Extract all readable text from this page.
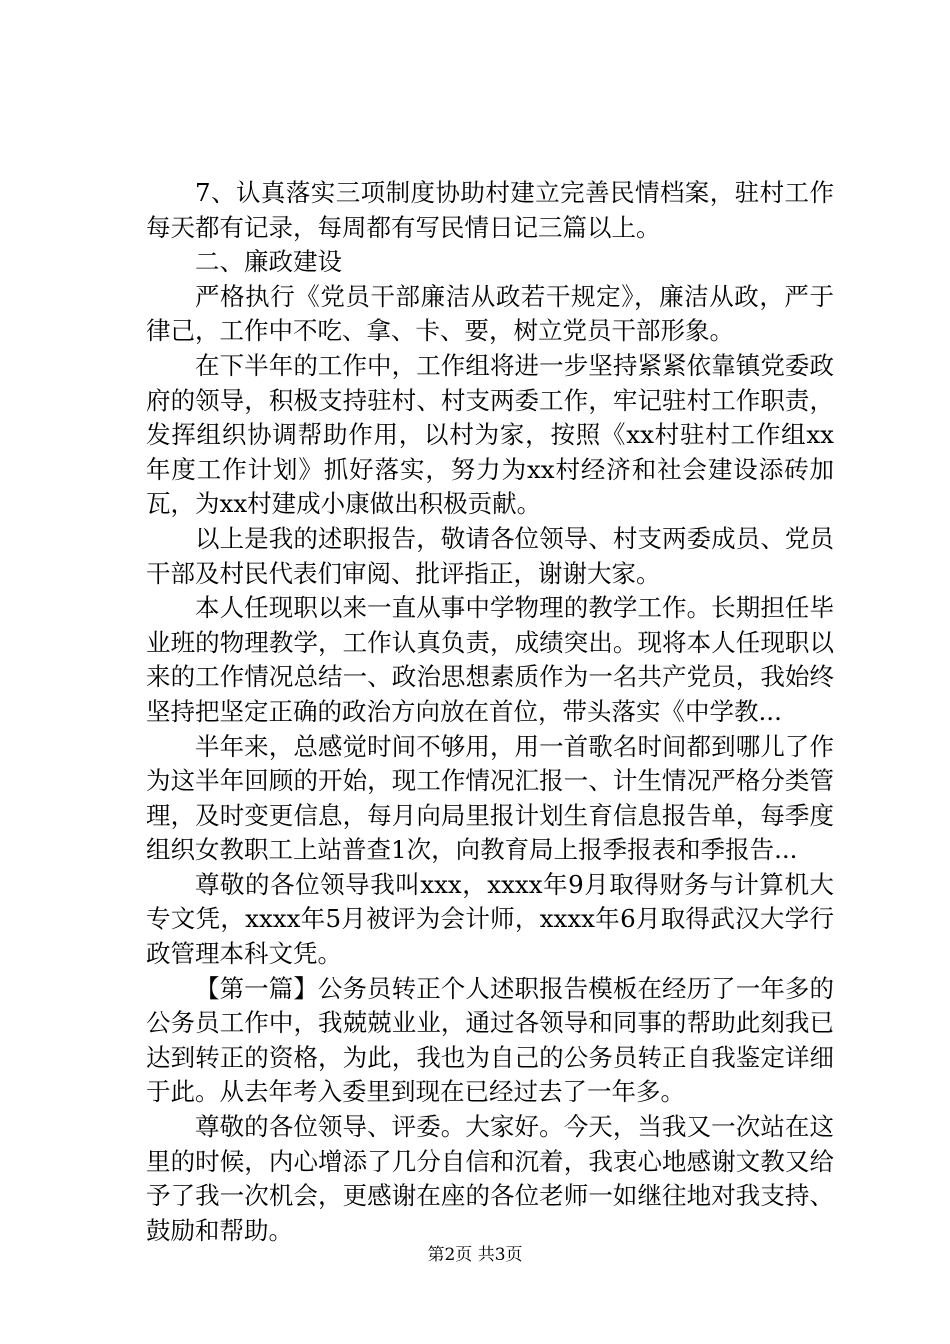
7、认真落实三项制度协助村建立完善民情档案，驻村工作每天都有记录，每周都有写民情日记三篇以上。

二、廉政建设

严格执行《党员干部廉洁从政若干规定》，廉洁从政，严于律己，工作中不吃、拿、卡、要，树立党员干部形象。

在下半年的工作中，工作组将进一步坚持紧紧依靠镇党委政府的领导，积极支持驻村、村支两委工作，牢记驻村工作职责，发挥组织协调帮助作用，以村为家，按照《xx村驻村工作组xx年度工作计划》抓好落实，努力为xx村经济和社会建设添砖加瓦，为xx村建成小康做出积极贡献。

以上是我的述职报告，敬请各位领导、村支两委成员、党员干部及村民代表们审阅、批评指正，谢谢大家。

本人任现职以来一直从事中学物理的教学工作。长期担任毕业班的物理教学，工作认真负责，成绩突出。现将本人任现职以来的工作情况总结一、政治思想素质作为一名共产党员，我始终坚持把坚定正确的政治方向放在首位，带头落实《中学教...

半年来，总感觉时间不够用，用一首歌名时间都到哪儿了作为这半年回顾的开始，现工作情况汇报一、计生情况严格分类管理，及时变更信息，每月向局里报计划生育信息报告单，每季度组织女教职工上站普查1次，向教育局上报季报表和季报告...

尊敬的各位领导我叫xxx，xxxx年9月取得财务与计算机大专文凭，xxxx年5月被评为会计师，xxxx年6月取得武汉大学行政管理本科文凭。

【第一篇】公务员转正个人述职报告模板在经历了一年多的公务员工作中，我兢兢业业，通过各领导和同事的帮助此刻我已达到转正的资格，为此，我也为自己的公务员转正自我鉴定详细于此。从去年考入委里到现在已经过去了一年多。

尊敬的各位领导、评委。大家好。今天，当我又一次站在这里的时候，内心增添了几分自信和沉着，我衷心地感谢文教又给予了我一次机会，更感谢在座的各位老师一如继往地对我支持、鼓励和帮助。

第2页 共3页
